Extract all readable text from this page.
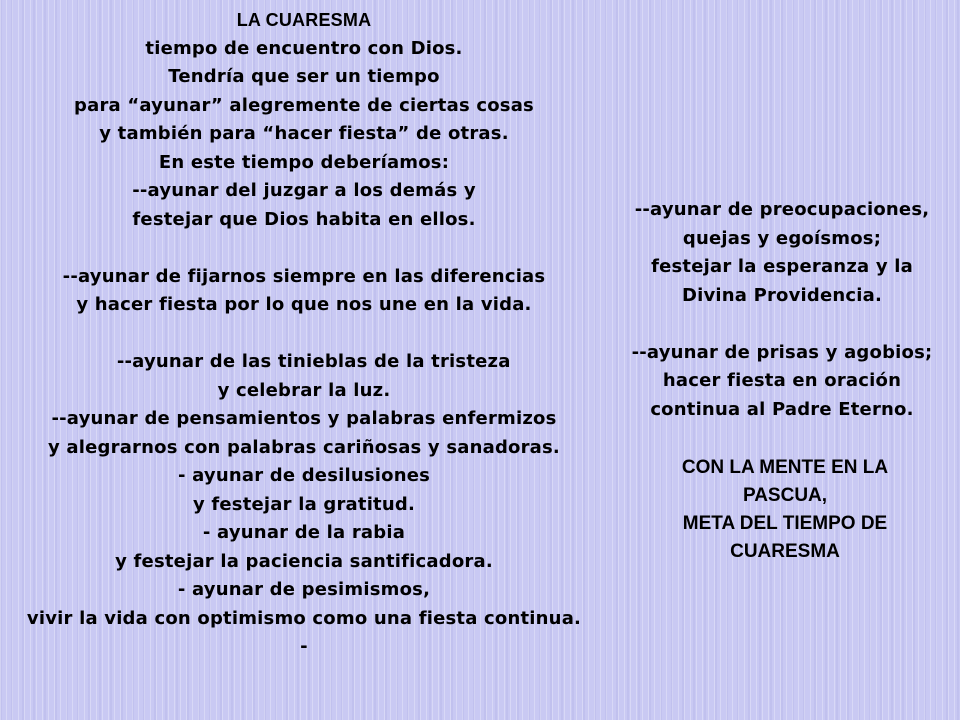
LA CUARESMA
tiempo de encuentro con Dios.
Tendría que ser un tiempo
para “ayunar” alegremente de ciertas cosas
y también para “hacer fiesta” de otras.
En este tiempo deberíamos:
--ayunar del juzgar a los demás y
festejar que Dios habita en ellos.
--ayunar de fijarnos siempre en las diferencias
y hacer fiesta por lo que nos une en la vida.
--ayunar de las tinieblas de la tristeza
y celebrar la luz.
--ayunar de pensamientos y palabras enfermizos
y alegrarnos con palabras cariñosas y sanadoras.
- ayunar de desilusiones
y festejar la gratitud.
- ayunar de la rabia
y festejar la paciencia santificadora.
- ayunar de pesimismos,
vivir la vida con optimismo como una fiesta continua.
-
--ayunar de preocupaciones,
quejas y egoísmos;
festejar la esperanza y la
Divina Providencia.
--ayunar de prisas y agobios;
hacer fiesta en oración
continua al Padre Eterno.
CON LA MENTE EN LA
PASCUA,
META DEL TIEMPO DE
CUARESMA
